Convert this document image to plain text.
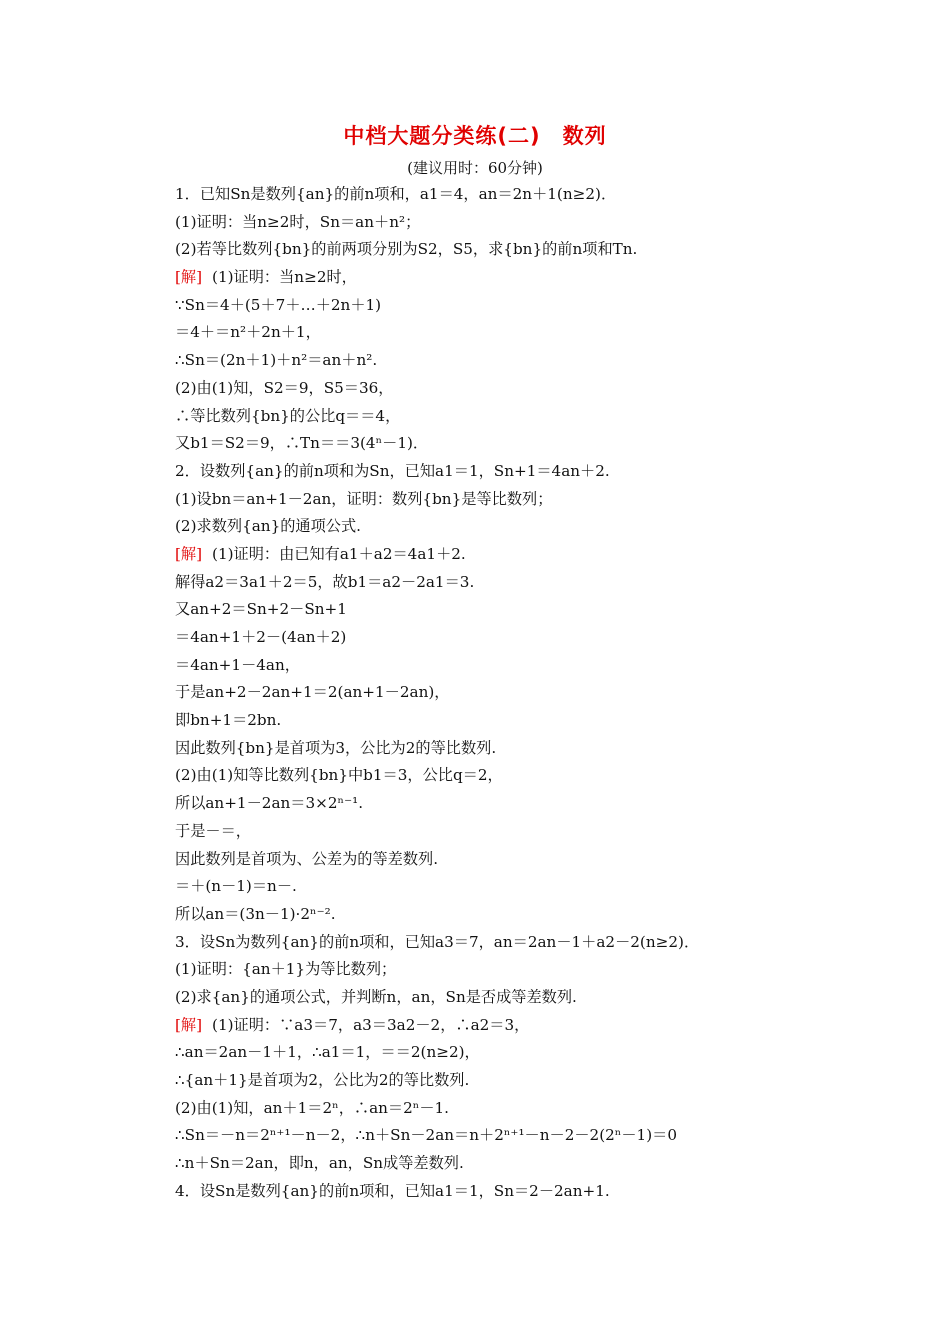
中档大题分类练(二)　数列
(建议用时：60分钟)
1．已知Sn是数列{an}的前n项和，a1＝4，an＝2n＋1(n≥2)．
(1)证明：当n≥2时，Sn＝an＋n²；
(2)若等比数列{bn}的前两项分别为S2，S5，求{bn}的前n项和Tn.
[解] (1)证明：当n≥2时，
∵Sn＝4＋(5＋7＋…＋2n＋1)
＝4＋＝n²＋2n＋1，
∴Sn＝(2n＋1)＋n²＝an＋n².
(2)由(1)知，S2＝9，S5＝36，
∴等比数列{bn}的公比q＝＝4，
又b1＝S2＝9，∴Tn＝＝3(4ⁿ－1)．
2．设数列{an}的前n项和为Sn，已知a1＝1，Sn+1＝4an＋2.
(1)设bn＝an+1－2an，证明：数列{bn}是等比数列；
(2)求数列{an}的通项公式.
[解] (1)证明：由已知有a1＋a2＝4a1＋2.
解得a2＝3a1＋2＝5，故b1＝a2－2a1＝3.
又an+2＝Sn+2－Sn+1
＝4an+1＋2－(4an＋2)
＝4an+1－4an，
于是an+2－2an+1＝2(an+1－2an)，
即bn+1＝2bn.
因此数列{bn}是首项为3，公比为2的等比数列.
(2)由(1)知等比数列{bn}中b1＝3，公比q＝2，
所以an+1－2an＝3×2ⁿ⁻¹.
于是－＝，
因此数列是首项为、公差为的等差数列.
＝＋(n－1)＝n－.
所以an＝(3n－1)·2ⁿ⁻².
3．设Sn为数列{an}的前n项和，已知a3＝7，an＝2an－1＋a2－2(n≥2)．
(1)证明：{an＋1}为等比数列；
(2)求{an}的通项公式，并判断n，an，Sn是否成等差数列.
[解] (1)证明：∵a3＝7，a3＝3a2－2，∴a2＝3，
∴an＝2an－1＋1，∴a1＝1，＝＝2(n≥2)，
∴{an＋1}是首项为2，公比为2的等比数列.
(2)由(1)知，an＋1＝2ⁿ，∴an＝2ⁿ－1.
∴Sn＝－n＝2ⁿ⁺¹－n－2，∴n＋Sn－2an＝n＋2ⁿ⁺¹－n－2－2(2ⁿ－1)＝0
∴n＋Sn＝2an，即n，an，Sn成等差数列.
4．设Sn是数列{an}的前n项和，已知a1＝1，Sn＝2－2an+1.
